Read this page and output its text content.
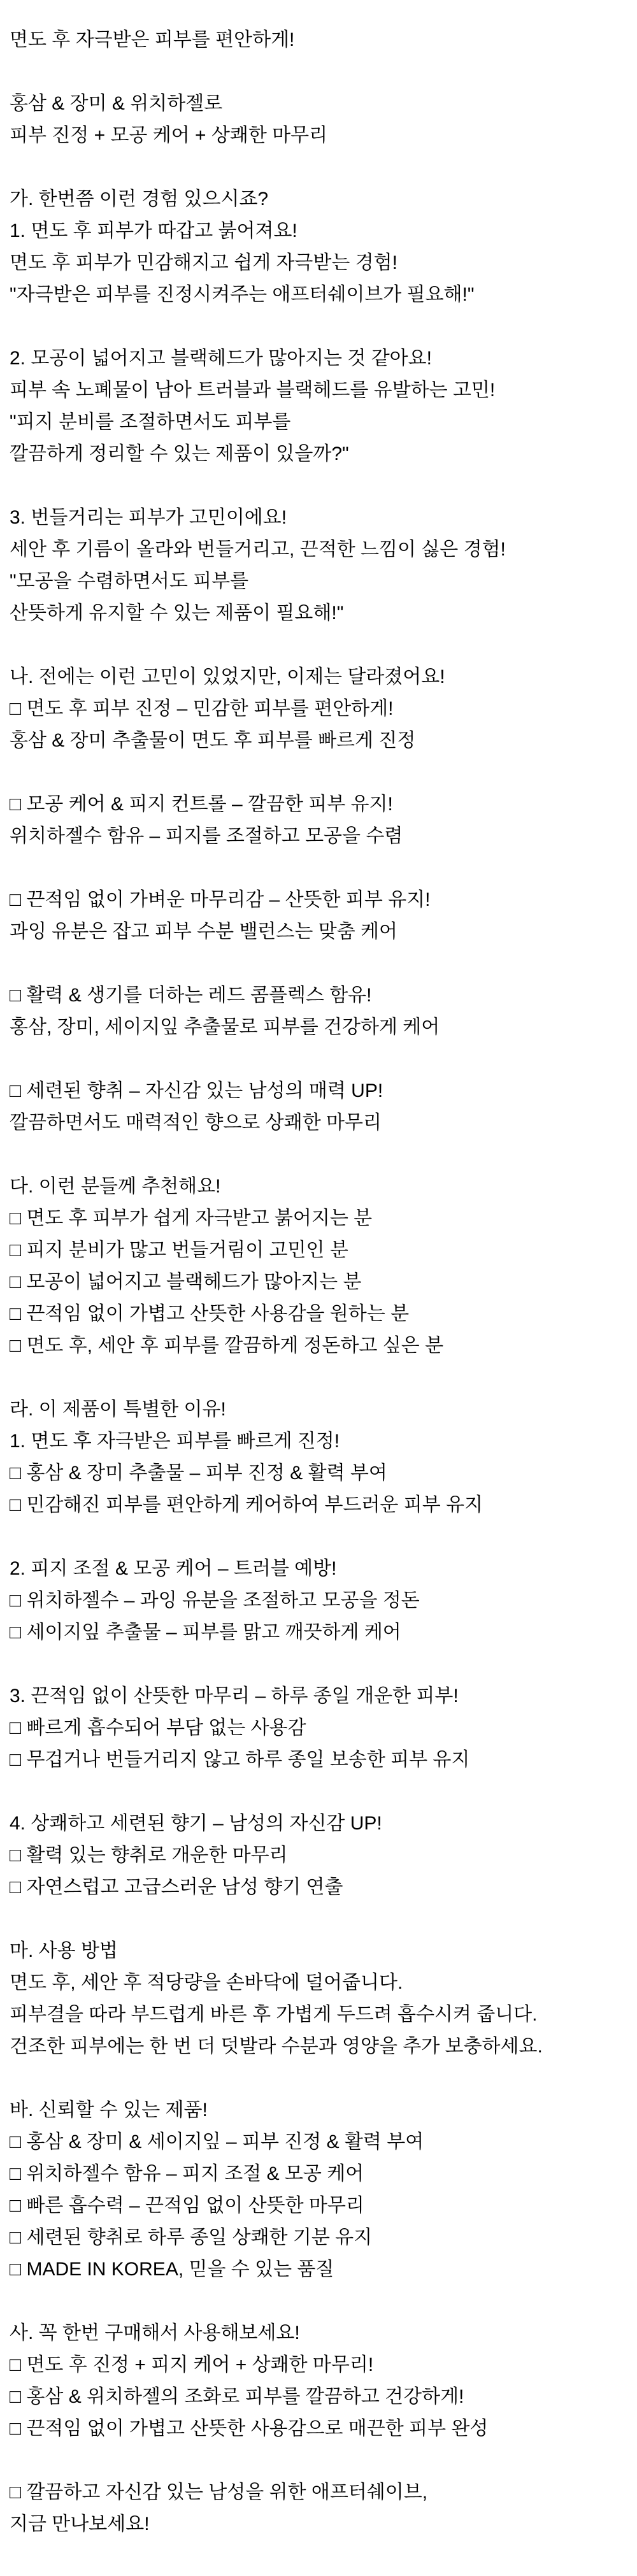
면도 후 자극받은 피부를 편안하게!

홍삼 & 장미 & 위치하젤로

피부 진정 + 모공 케어 + 상쾌한 마무리

가. 한번쯤 이런 경험 있으시죠?

1. 면도 후 피부가 따갑고 붉어져요!

면도 후 피부가 민감해지고 쉽게 자극받는 경험!

"자극받은 피부를 진정시켜주는 애프터쉐이브가 필요해!"

2. 모공이 넓어지고 블랙헤드가 많아지는 것 같아요!

피부 속 노폐물이 남아 트러블과 블랙헤드를 유발하는 고민!

"피지 분비를 조절하면서도 피부를

깔끔하게 정리할 수 있는 제품이 있을까?"

3. 번들거리는 피부가 고민이에요!

세안 후 기름이 올라와 번들거리고, 끈적한 느낌이 싫은 경험!

"모공을 수렴하면서도 피부를

산뜻하게 유지할 수 있는 제품이 필요해!"

나. 전에는 이런 고민이 있었지만, 이제는 달라졌어요!

□ 면도 후 피부 진정 – 민감한 피부를 편안하게!

홍삼 & 장미 추출물이 면도 후 피부를 빠르게 진정

□ 모공 케어 & 피지 컨트롤 – 깔끔한 피부 유지!

위치하젤수 함유 – 피지를 조절하고 모공을 수렴

□ 끈적임 없이 가벼운 마무리감 – 산뜻한 피부 유지!

과잉 유분은 잡고 피부 수분 밸런스는 맞춤 케어

□ 활력 & 생기를 더하는 레드 콤플렉스 함유!

홍삼, 장미, 세이지잎 추출물로 피부를 건강하게 케어

□ 세련된 향취 – 자신감 있는 남성의 매력 UP!

깔끔하면서도 매력적인 향으로 상쾌한 마무리

다. 이런 분들께 추천해요!

□ 면도 후 피부가 쉽게 자극받고 붉어지는 분

□ 피지 분비가 많고 번들거림이 고민인 분

□ 모공이 넓어지고 블랙헤드가 많아지는 분

□ 끈적임 없이 가볍고 산뜻한 사용감을 원하는 분

□ 면도 후, 세안 후 피부를 깔끔하게 정돈하고 싶은 분

라. 이 제품이 특별한 이유!

1. 면도 후 자극받은 피부를 빠르게 진정!

□ 홍삼 & 장미 추출물 – 피부 진정 & 활력 부여

□ 민감해진 피부를 편안하게 케어하여 부드러운 피부 유지

2. 피지 조절 & 모공 케어 – 트러블 예방!

□ 위치하젤수 – 과잉 유분을 조절하고 모공을 정돈

□ 세이지잎 추출물 – 피부를 맑고 깨끗하게 케어

3. 끈적임 없이 산뜻한 마무리 – 하루 종일 개운한 피부!

□ 빠르게 흡수되어 부담 없는 사용감

□ 무겁거나 번들거리지 않고 하루 종일 보송한 피부 유지

4. 상쾌하고 세련된 향기 – 남성의 자신감 UP!

□ 활력 있는 향취로 개운한 마무리

□ 자연스럽고 고급스러운 남성 향기 연출

마. 사용 방법

면도 후, 세안 후 적당량을 손바닥에 덜어줍니다.

피부결을 따라 부드럽게 바른 후 가볍게 두드려 흡수시켜 줍니다.

건조한 피부에는 한 번 더 덧발라 수분과 영양을 추가 보충하세요.

바. 신뢰할 수 있는 제품!

□ 홍삼 & 장미 & 세이지잎 – 피부 진정 & 활력 부여

□ 위치하젤수 함유 – 피지 조절 & 모공 케어

□ 빠른 흡수력 – 끈적임 없이 산뜻한 마무리

□ 세련된 향취로 하루 종일 상쾌한 기분 유지

□ MADE IN KOREA, 믿을 수 있는 품질

사. 꼭 한번 구매해서 사용해보세요!

□ 면도 후 진정 + 피지 케어 + 상쾌한 마무리!

□ 홍삼 & 위치하젤의 조화로 피부를 깔끔하고 건강하게!

□ 끈적임 없이 가볍고 산뜻한 사용감으로 매끈한 피부 완성

□ 깔끔하고 자신감 있는 남성을 위한 애프터쉐이브,

지금 만나보세요!
